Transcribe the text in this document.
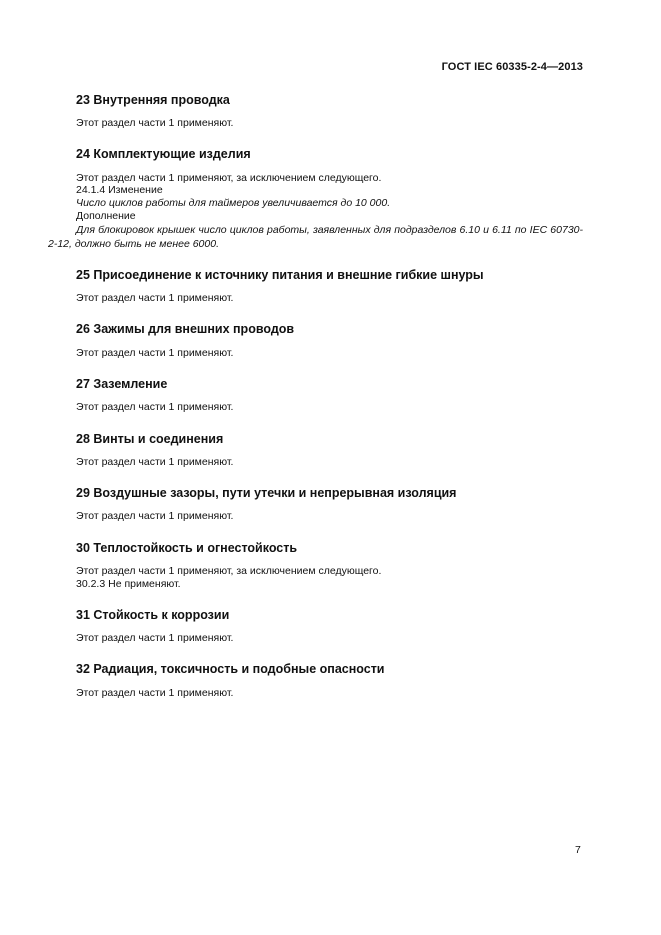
ГОСТ IEC 60335-2-4—2013
23 Внутренняя проводка
Этот раздел части 1 применяют.
24 Комплектующие изделия
Этот раздел части 1 применяют, за исключением следующего.
24.1.4 Изменение
Число циклов работы для таймеров увеличивается до 10 000.
Дополнение
Для блокировок крышек число циклов работы, заявленных для подразделов 6.10 и 6.11 по IEC 60730-2-12, должно быть не менее 6000.
25 Присоединение к источнику питания и внешние гибкие шнуры
Этот раздел части 1 применяют.
26 Зажимы для внешних проводов
Этот раздел части 1 применяют.
27 Заземление
Этот раздел части 1 применяют.
28 Винты и соединения
Этот раздел части 1 применяют.
29 Воздушные зазоры, пути утечки и непрерывная изоляция
Этот раздел части 1 применяют.
30 Теплостойкость и огнестойкость
Этот раздел части 1 применяют, за исключением следующего.
30.2.3 Не применяют.
31 Стойкость к коррозии
Этот раздел части 1 применяют.
32 Радиация, токсичность и подобные опасности
Этот раздел части 1 применяют.
7
